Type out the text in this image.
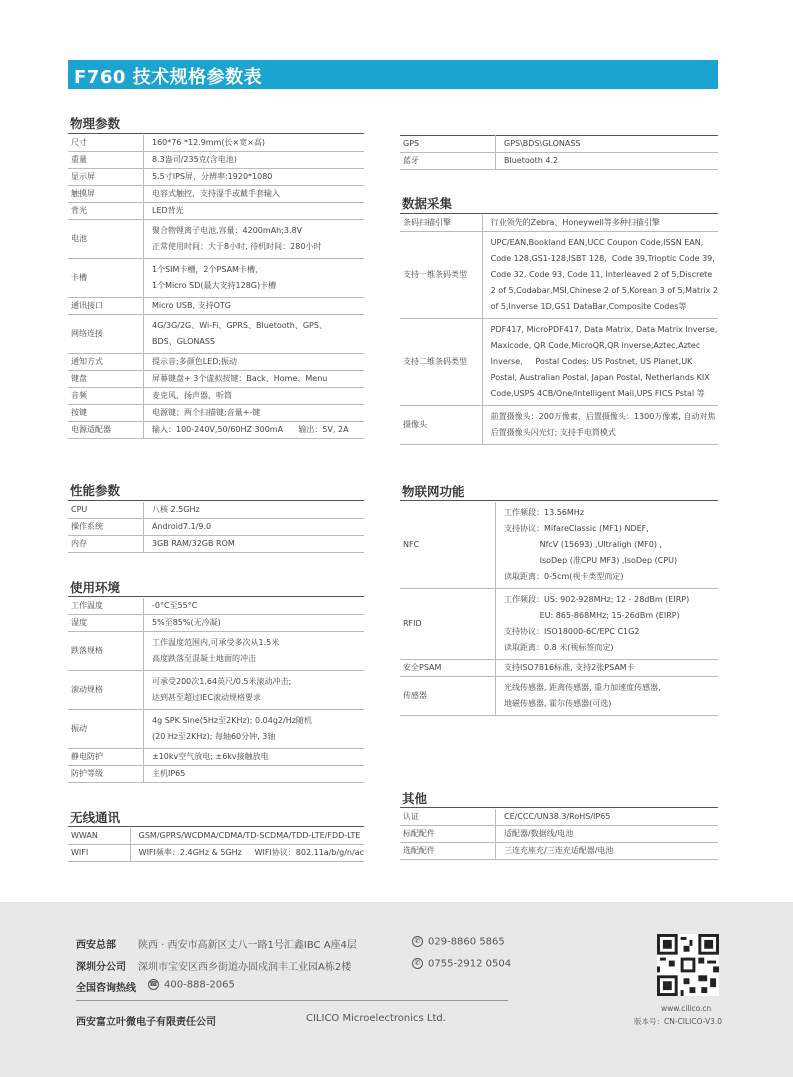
F760 技术规格参数表
物理参数
尺寸	160*76 *12.9mm(长×宽×高)

重量	8.3盎司/235克(含电池)

显示屏	5.5寸IPS屏，分辨率:1920*1080

触摸屏	电容式触控，支持湿手或戴手套输入

背光	LED背光

电池	聚合物锂离子电池,容量：4200mAh;3.8V
正常使用时间：大于8小时, 待机时间：280小时

卡槽	1个SIM卡槽，2个PSAM卡槽，
1个Micro SD(最大支持128G)卡槽

通讯接口	Micro USB, 支持OTG

网络连接	4G/3G/2G、Wi-Fi、GPRS、Bluetooth、GPS、
BDS、GLONASS

通知方式	提示音;多颜色LED;振动

键盘	屏幕键盘+ 3个虚拟按键：Back、Home、Menu

音频	麦克风、扬声器、听筒

按键	电源键；两个扫描键;音量+-键

电源适配器	输入：100-240V,50/60HZ 300mA      输出：5V, 2A
性能参数
CPU	八核 2.5GHz

操作系统	Android7.1/9.0

内存	3GB RAM/32GB ROM
使用环境
工作温度	-0°C至55°C

湿度	5%至85%(无冷凝)

跌落规格	工作温度范围内,可承受多次从1.5米
高度跌落至混凝土地面的冲击

滚动规格	可承受200次1.64英尺/0.5米滚动冲击;
达到甚至超过IEC滚动规格要求

振动	4g SPK Sine(5Hz至2KHz); 0.04g2/Hz随机
(20 Hz至2KHz); 每轴60分钟, 3轴

静电防护	±10kv空气放电; ±6kv接触放电

防护等级	主机IP65
无线通讯
WWAN	GSM/GPRS/WCDMA/CDMA/TD-SCDMA/TDD-LTE/FDD-LTE

WIFI	WIFI频率：2.4GHz & 5GHz     WIFI协议：802.11a/b/g/n/ac
GPS	GPS\BDS\GLONASS

蓝牙	Bluetooth 4.2
数据采集
条码扫描引擎	行业领先的Zebra、Honeywell等多种扫描引擎

支持一维条码类型	UPC/EAN,Bookland EAN,UCC Coupon Code,ISSN EAN,
Code 128,GS1-128,ISBT 128,  Code 39,Trioptic Code 39,
Code 32, Code 93, Code 11, Interleaved 2 of 5,Discrete
2 of 5,Codabar,MSI,Chinese 2 of 5,Korean 3 of 5,Matrix 2
of 5,Inverse 1D,GS1 DataBar,Composite Codes等

支持二维条码类型	PDF417, MicroPDF417, Data Matrix, Data Matrix Inverse,
Maxicode, QR Code,MicroQR,QR inverse,Aztec,Aztec
Inverse,     Postal Codes: US Postnet, US Planet,UK
Postal, Australian Postal, Japan Postal, Netherlands KIX
Code,USPS 4CB/One/Intelligent Mail,UPS FICS Pstal 等

摄像头	前置摄像头：200万像素，后置摄像头：1300万像素, 自动对焦
后置摄像头闪光灯; 支持手电筒模式
物联网功能
NFC	工作频段：13.56MHz
支持协议：MifareClassic (MF1) NDEF,
NfcV (15693) ,Ultraligh (MF0) ,
IsoDep (准CPU MF3) ,IsoDep (CPU)
读取距离：0-5cm(视卡类型而定)

RFID	工作频段：US: 902-928MHz; 12 - 28dBm (EIRP)
EU: 865-868MHz; 15-26dBm (EIRP)
支持协议：ISO18000-6C/EPC C1G2
读取距离：0.8 米(视标签而定)

安全PSAM	支持ISO7816标准, 支持2张PSAM卡

传感器	光线传感器, 距离传感器, 重力加速度传感器,
地磁传感器, 霍尔传感器(可选)
其他
认证	CE/CCC/UN38.3/RoHS/IP65

标配配件	适配器/数据线/电池

选配配件	三连充座充/三连充适配器/电池
西安总部 陕西 · 西安市高新区丈八一路1号汇鑫IBC A座4层	✆ 029-8860 5865
深圳分公司 深圳市宝安区西乡街道办固戍润丰工业园A栋2楼	✆ 0755-2912 0504
全国咨询热线 ☎ 400-888-2065
西安富立叶微电子有限责任公司	CILICO Microelectronics Ltd.
www.cilico.cn
版本号：CN-CILICO-V3.0
